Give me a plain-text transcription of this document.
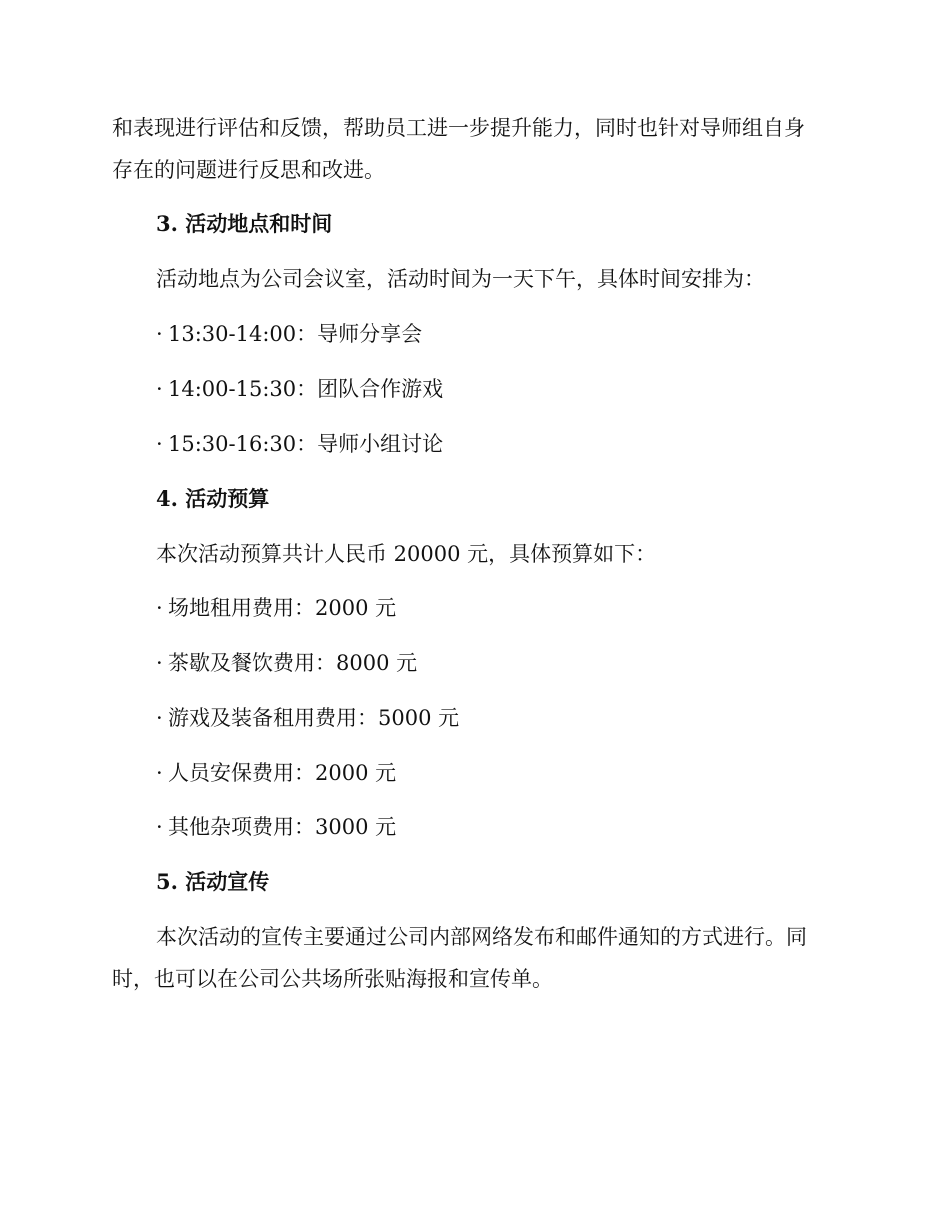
和表现进行评估和反馈，帮助员工进一步提升能力，同时也针对导师组自身

存在的问题进行反思和改进。

3. 活动地点和时间

活动地点为公司会议室，活动时间为一天下午，具体时间安排为：

· 13:30-14:00：导师分享会

· 14:00-15:30：团队合作游戏

· 15:30-16:30：导师小组讨论

4. 活动预算

本次活动预算共计人民币 20000 元，具体预算如下：

· 场地租用费用：2000 元

· 茶歇及餐饮费用：8000 元

· 游戏及装备租用费用：5000 元

· 人员安保费用：2000 元

· 其他杂项费用：3000 元

5. 活动宣传

本次活动的宣传主要通过公司内部网络发布和邮件通知的方式进行。同

时，也可以在公司公共场所张贴海报和宣传单。
